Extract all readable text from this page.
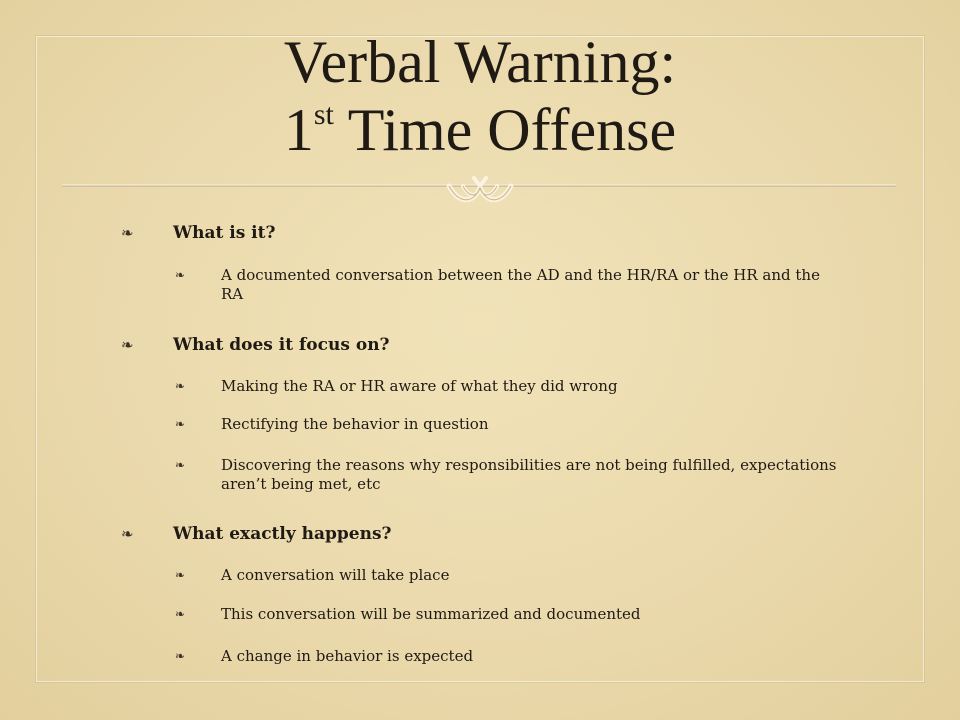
Verbal Warning:
1st Time Offense
❧	What is it?
❧	A documented conversation between the AD and the HR/RA or the HR and the RA
❧	What does it focus on?
❧	Making the RA or HR aware of what they did wrong
❧	Rectifying the behavior in question
❧	Discovering the reasons why responsibilities are not being fulfilled, expectations aren’t being met, etc
❧	What exactly happens?
❧	A conversation will take place
❧	This conversation will be summarized and documented
❧	A change in behavior is expected
